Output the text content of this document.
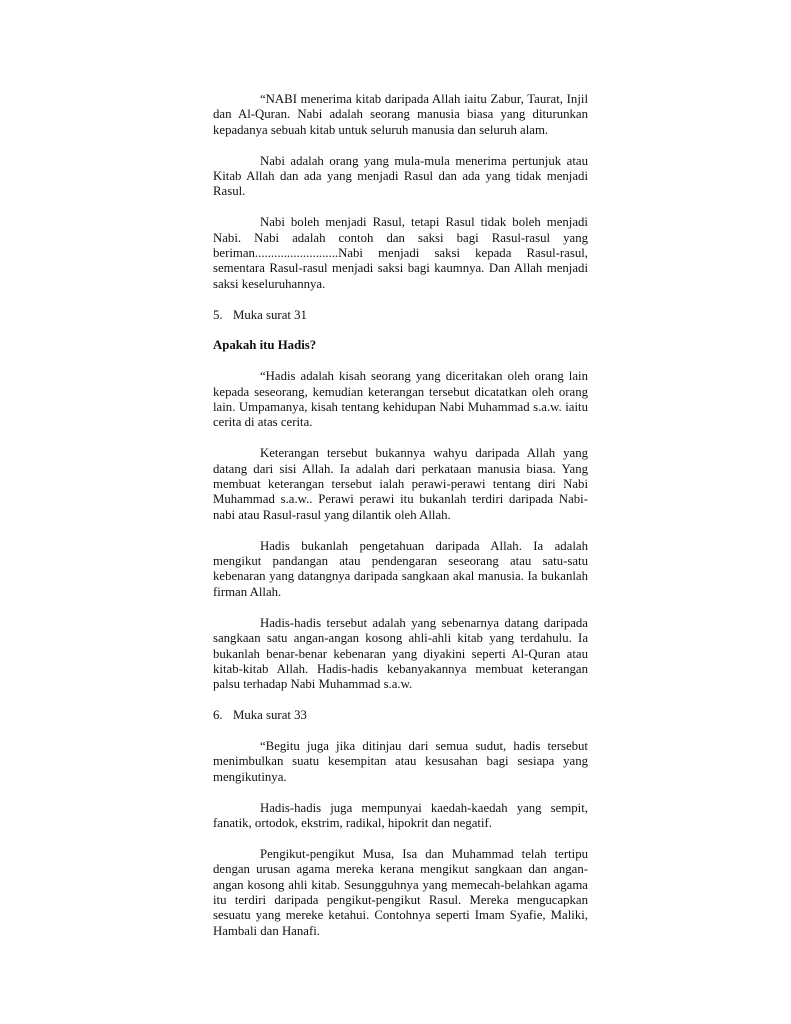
“NABI menerima kitab daripada Allah iaitu Zabur, Taurat, Injil dan Al-Quran. Nabi adalah seorang manusia biasa yang diturunkan kepadanya sebuah kitab untuk seluruh manusia dan seluruh alam.

Nabi adalah orang yang mula-mula menerima pertunjuk atau Kitab Allah dan ada yang menjadi Rasul dan ada yang tidak menjadi Rasul.

Nabi boleh menjadi Rasul, tetapi Rasul tidak boleh menjadi Nabi. Nabi adalah contoh dan saksi bagi Rasul-rasul yang beriman..........................Nabi menjadi saksi kepada Rasul-rasul, sementara Rasul-rasul menjadi saksi bagi kaumnya. Dan Allah menjadi saksi keseluruhannya.

5. Muka surat 31

Apakah itu Hadis?

“Hadis adalah kisah seorang yang diceritakan oleh orang lain kepada seseorang, kemudian keterangan tersebut dicatatkan oleh orang lain. Umpamanya, kisah tentang kehidupan Nabi Muhammad s.a.w. iaitu cerita di atas cerita.

Keterangan tersebut bukannya wahyu daripada Allah yang datang dari sisi Allah. Ia adalah dari perkataan manusia biasa. Yang membuat keterangan tersebut ialah perawi-perawi tentang diri Nabi Muhammad s.a.w.. Perawi perawi itu bukanlah terdiri daripada Nabi-nabi atau Rasul-rasul yang dilantik oleh Allah.

Hadis bukanlah pengetahuan daripada Allah. Ia adalah mengikut pandangan atau pendengaran seseorang atau satu-satu kebenaran yang datangnya daripada sangkaan akal manusia. Ia bukanlah firman Allah.

Hadis-hadis tersebut adalah yang sebenarnya datang daripada sangkaan satu angan-angan kosong ahli-ahli kitab yang terdahulu. Ia bukanlah benar-benar kebenaran yang diyakini seperti Al-Quran atau kitab-kitab Allah. Hadis-hadis kebanyakannya membuat keterangan palsu terhadap Nabi Muhammad s.a.w.

6. Muka surat 33

“Begitu juga jika ditinjau dari semua sudut, hadis tersebut menimbulkan suatu kesempitan atau kesusahan bagi sesiapa yang mengikutinya.

Hadis-hadis juga mempunyai kaedah-kaedah yang sempit, fanatik, ortodok, ekstrim, radikal, hipokrit dan negatif.

Pengikut-pengikut Musa, Isa dan Muhammad telah tertipu dengan urusan agama mereka kerana mengikut sangkaan dan angan-angan kosong ahli kitab. Sesungguhnya yang memecah-belahkan agama itu terdiri daripada pengikut-pengikut Rasul. Mereka mengucapkan sesuatu yang mereke ketahui. Contohnya seperti Imam Syafie, Maliki, Hambali dan Hanafi.
